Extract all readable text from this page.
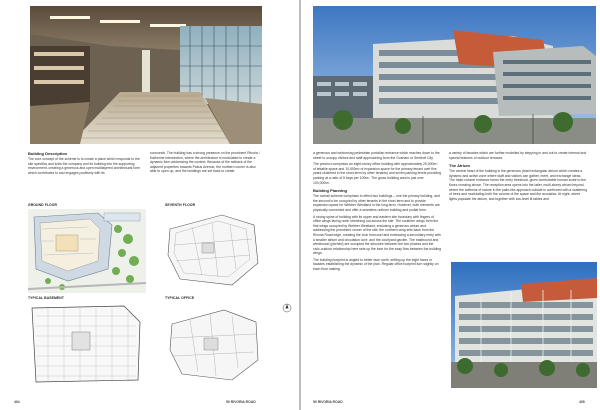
Building Description

The core concept of the scheme is to create a place which responds to the site specifics and knits the company and its building into the supporting environment, creating a generous and open multilayered architectural form which contributes to and engages positively with its

surrounds. The building has a strong presence on the prominent Rivoria / Katherine intersection, where the architecture is modulated to create a dynamic form addressing the context. Because of the setback of the adjacent properties towards Pabus Avenue, the northern corner is also able to open up, and the buildings are set back to create

GROUND FLOOR	SEVENTH FLOOR
TYPICAL BASEMENT	TYPICAL OFFICE
404	50 RIVORIA ROAD

a generous and welcoming pedestrian portal/an entrance which reaches down to the street to occupy visitors and staff approaching from the Gosham or Sentinel City.

The precinct comprises an eight-storey office building with approximately 25,000m² of lettable space and 10,500m² of expansion space for the primary tenant over five years clustered in the short-term by other tenants) and seven parking levels providing parking at a ratio of 5 bays per 100m². The gross building area is just over 100,000m².

Building Planning

The overall scheme comprises in effect two buildings – one the primary building, and the second to be occupied by other tenants in the short-term and to provide expansion space for Webber Westland in the long-term. However, both elements are physically connected and offer a seamless uniform building and podial form.

A strong spine of building with its upper and eastern site boundary with fingers of office wings facing north stretching out across the site. The southern wings form the first wings occupied by Webber Westland, enclosing a generous atrium and addressing the prominent corner of the site; the northern wing sets back from the Rivoria Road edge, creating the civic forecourt and embracing a secondary entry with a smaller atrium and circulation core, and the courtyard garden. The eastbound and westbound (pitched) are occupied the structure between the two phases and the civic-outdoor relationship here sets up the tone for the easy flow between the building wings.

The building footprint is angled to better face north, setting up the eight faces or facades establishing the dynamic of the plan. Regular office footprint turn slightly on each floor making

a variety of facades which are further modelled by stepping in and out to create internal and special features of outdoor terraces.

The Atrium

The central heart of the building is the generous (triad rectangular atrium which creates a dynamic and active zone where staff and visitors can gather, meet, and exchange ideas. The triple-volume entrance forms the entry threshold, given comfortable human scale to the floors crossing above. The reception area opens into the taller, multi-storey atrium beyond, where the softness of nature in the palm-like approach outside is continued with a scattering of trees and modulating both the volume of the space and the acoustics. At night, street lights populate the atrium, and together with low-level lit tables and

50 RIVORIA ROAD	405
